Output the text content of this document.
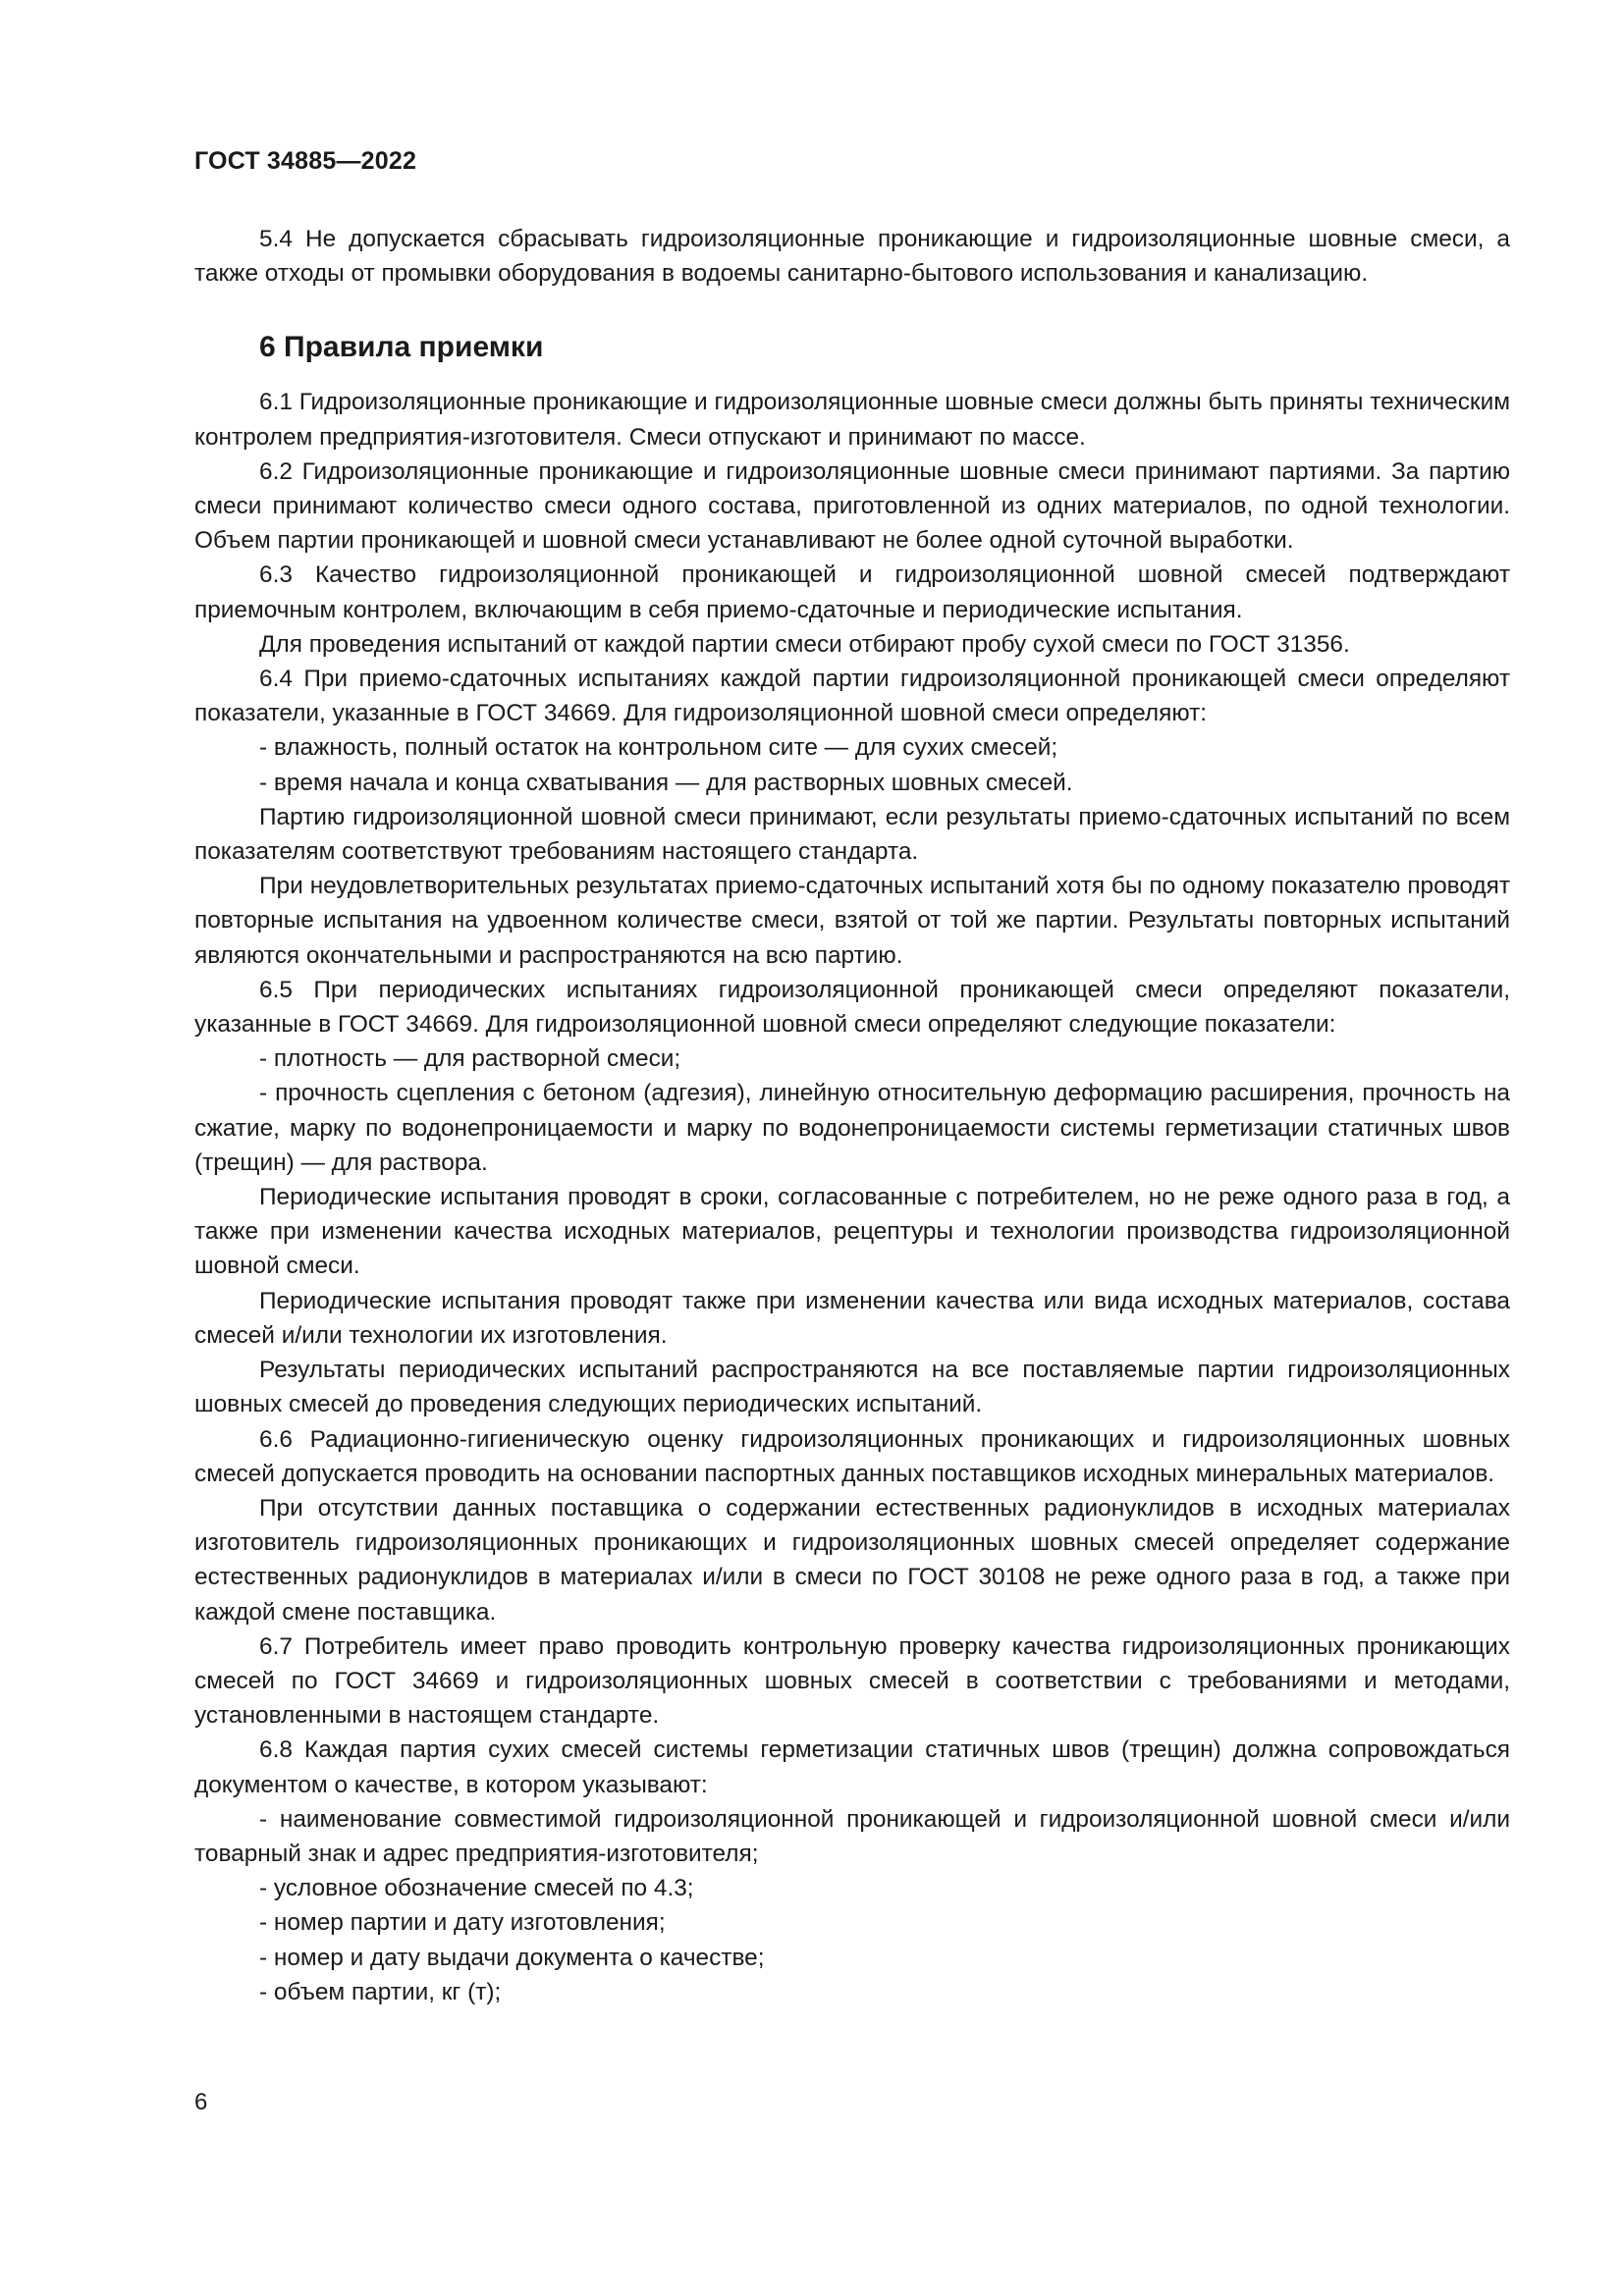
ГОСТ 34885—2022

5.4 Не допускается сбрасывать гидроизоляционные проникающие и гидроизоляционные шовные смеси, а также отходы от промывки оборудования в водоемы санитарно-бытового использования и канализацию.

6 Правила приемки

6.1 Гидроизоляционные проникающие и гидроизоляционные шовные смеси должны быть приняты техническим контролем предприятия-изготовителя. Смеси отпускают и принимают по массе.

6.2 Гидроизоляционные проникающие и гидроизоляционные шовные смеси принимают партиями. За партию смеси принимают количество смеси одного состава, приготовленной из одних материалов, по одной технологии. Объем партии проникающей и шовной смеси устанавливают не более одной суточной выработки.

6.3 Качество гидроизоляционной проникающей и гидроизоляционной шовной смесей подтверждают приемочным контролем, включающим в себя приемо-сдаточные и периодические испытания.

Для проведения испытаний от каждой партии смеси отбирают пробу сухой смеси по ГОСТ 31356.

6.4 При приемо-сдаточных испытаниях каждой партии гидроизоляционной проникающей смеси определяют показатели, указанные в ГОСТ 34669. Для гидроизоляционной шовной смеси определяют:

- влажность, полный остаток на контрольном сите — для сухих смесей;

- время начала и конца схватывания — для растворных шовных смесей.

Партию гидроизоляционной шовной смеси принимают, если результаты приемо-сдаточных испытаний по всем показателям соответствуют требованиям настоящего стандарта.

При неудовлетворительных результатах приемо-сдаточных испытаний хотя бы по одному показателю проводят повторные испытания на удвоенном количестве смеси, взятой от той же партии. Результаты повторных испытаний являются окончательными и распространяются на всю партию.

6.5 При периодических испытаниях гидроизоляционной проникающей смеси определяют показатели, указанные в ГОСТ 34669. Для гидроизоляционной шовной смеси определяют следующие показатели:

- плотность — для растворной смеси;

- прочность сцепления с бетоном (адгезия), линейную относительную деформацию расширения, прочность на сжатие, марку по водонепроницаемости и марку по водонепроницаемости системы герметизации статичных швов (трещин) — для раствора.

Периодические испытания проводят в сроки, согласованные с потребителем, но не реже одного раза в год, а также при изменении качества исходных материалов, рецептуры и технологии производства гидроизоляционной шовной смеси.

Периодические испытания проводят также при изменении качества или вида исходных материалов, состава смесей и/или технологии их изготовления.

Результаты периодических испытаний распространяются на все поставляемые партии гидроизоляционных шовных смесей до проведения следующих периодических испытаний.

6.6 Радиационно-гигиеническую оценку гидроизоляционных проникающих и гидроизоляционных шовных смесей допускается проводить на основании паспортных данных поставщиков исходных минеральных материалов.

При отсутствии данных поставщика о содержании естественных радионуклидов в исходных материалах изготовитель гидроизоляционных проникающих и гидроизоляционных шовных смесей определяет содержание естественных радионуклидов в материалах и/или в смеси по ГОСТ 30108 не реже одного раза в год, а также при каждой смене поставщика.

6.7 Потребитель имеет право проводить контрольную проверку качества гидроизоляционных проникающих смесей по ГОСТ 34669 и гидроизоляционных шовных смесей в соответствии с требованиями и методами, установленными в настоящем стандарте.

6.8 Каждая партия сухих смесей системы герметизации статичных швов (трещин) должна сопровождаться документом о качестве, в котором указывают:

- наименование совместимой гидроизоляционной проникающей и гидроизоляционной шовной смеси и/или товарный знак и адрес предприятия-изготовителя;

- условное обозначение смесей по 4.3;

- номер партии и дату изготовления;

- номер и дату выдачи документа о качестве;

- объем партии, кг (т);

6
